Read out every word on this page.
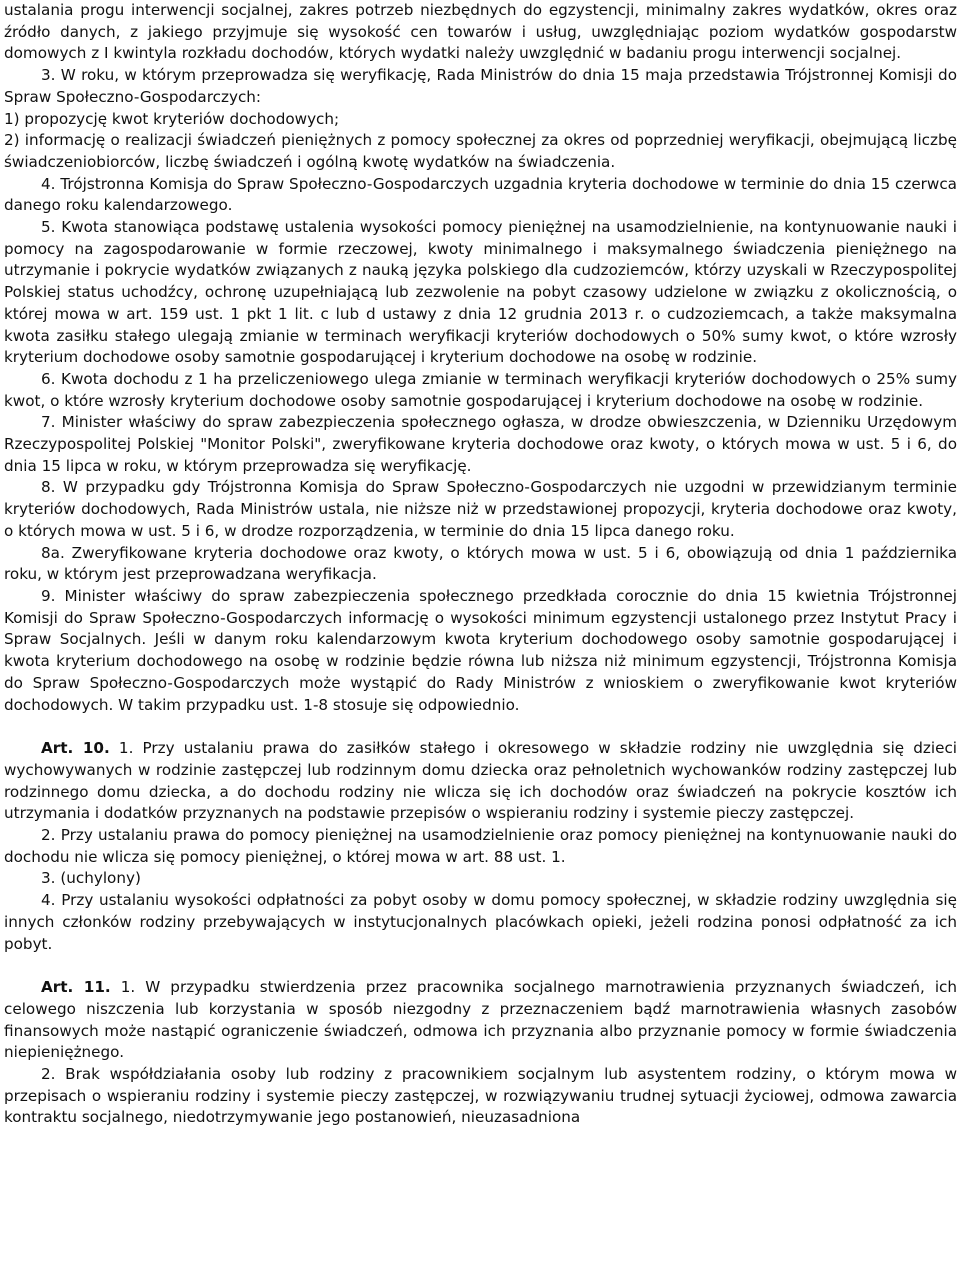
ustalania progu interwencji socjalnej, zakres potrzeb niezbędnych do egzystencji, minimalny zakres wydatków, okres oraz źródło danych, z jakiego przyjmuje się wysokość cen towarów i usług, uwzględniając poziom wydatków gospodarstw domowych z I kwintyla rozkładu dochodów, których wydatki należy uwzględnić w badaniu progu interwencji socjalnej.

3. W roku, w którym przeprowadza się weryfikację, Rada Ministrów do dnia 15 maja przedstawia Trójstronnej Komisji do Spraw Społeczno-Gospodarczych:

1) propozycję kwot kryteriów dochodowych;

2) informację o realizacji świadczeń pieniężnych z pomocy społecznej za okres od poprzedniej weryfikacji, obejmującą liczbę świadczeniobiorców, liczbę świadczeń i ogólną kwotę wydatków na świadczenia.

4. Trójstronna Komisja do Spraw Społeczno-Gospodarczych uzgadnia kryteria dochodowe w terminie do dnia 15 czerwca danego roku kalendarzowego.

5. Kwota stanowiąca podstawę ustalenia wysokości pomocy pieniężnej na usamodzielnienie, na kontynuowanie nauki i pomocy na zagospodarowanie w formie rzeczowej, kwoty minimalnego i maksymalnego świadczenia pieniężnego na utrzymanie i pokrycie wydatków związanych z nauką języka polskiego dla cudzoziemców, którzy uzyskali w Rzeczypospolitej Polskiej status uchodźcy, ochronę uzupełniającą lub zezwolenie na pobyt czasowy udzielone w związku z okolicznością, o której mowa w art. 159 ust. 1 pkt 1 lit. c lub d ustawy z dnia 12 grudnia 2013 r. o cudzoziemcach, a także maksymalna kwota zasiłku stałego ulegają zmianie w terminach weryfikacji kryteriów dochodowych o 50% sumy kwot, o które wzrosły kryterium dochodowe osoby samotnie gospodarującej i kryterium dochodowe na osobę w rodzinie.

6. Kwota dochodu z 1 ha przeliczeniowego ulega zmianie w terminach weryfikacji kryteriów dochodowych o 25% sumy kwot, o które wzrosły kryterium dochodowe osoby samotnie gospodarującej i kryterium dochodowe na osobę w rodzinie.

7. Minister właściwy do spraw zabezpieczenia społecznego ogłasza, w drodze obwieszczenia, w Dzienniku Urzędowym Rzeczypospolitej Polskiej "Monitor Polski", zweryfikowane kryteria dochodowe oraz kwoty, o których mowa w ust. 5 i 6, do dnia 15 lipca w roku, w którym przeprowadza się weryfikację.

8. W przypadku gdy Trójstronna Komisja do Spraw Społeczno-Gospodarczych nie uzgodni w przewidzianym terminie kryteriów dochodowych, Rada Ministrów ustala, nie niższe niż w przedstawionej propozycji, kryteria dochodowe oraz kwoty, o których mowa w ust. 5 i 6, w drodze rozporządzenia, w terminie do dnia 15 lipca danego roku.

8a. Zweryfikowane kryteria dochodowe oraz kwoty, o których mowa w ust. 5 i 6, obowiązują od dnia 1 października roku, w którym jest przeprowadzana weryfikacja.

9. Minister właściwy do spraw zabezpieczenia społecznego przedkłada corocznie do dnia 15 kwietnia Trójstronnej Komisji do Spraw Społeczno-Gospodarczych informację o wysokości minimum egzystencji ustalonego przez Instytut Pracy i Spraw Socjalnych. Jeśli w danym roku kalendarzowym kwota kryterium dochodowego osoby samotnie gospodarującej i kwota kryterium dochodowego na osobę w rodzinie będzie równa lub niższa niż minimum egzystencji, Trójstronna Komisja do Spraw Społeczno-Gospodarczych może wystąpić do Rady Ministrów z wnioskiem o zweryfikowanie kwot kryteriów dochodowych. W takim przypadku ust. 1-8 stosuje się odpowiednio.

Art. 10. 1. Przy ustalaniu prawa do zasiłków stałego i okresowego w składzie rodziny nie uwzględnia się dzieci wychowywanych w rodzinie zastępczej lub rodzinnym domu dziecka oraz pełnoletnich wychowanków rodziny zastępczej lub rodzinnego domu dziecka, a do dochodu rodziny nie wlicza się ich dochodów oraz świadczeń na pokrycie kosztów ich utrzymania i dodatków przyznanych na podstawie przepisów o wspieraniu rodziny i systemie pieczy zastępczej.

2. Przy ustalaniu prawa do pomocy pieniężnej na usamodzielnienie oraz pomocy pieniężnej na kontynuowanie nauki do dochodu nie wlicza się pomocy pieniężnej, o której mowa w art. 88 ust. 1.

3. (uchylony)

4. Przy ustalaniu wysokości odpłatności za pobyt osoby w domu pomocy społecznej, w składzie rodziny uwzględnia się innych członków rodziny przebywających w instytucjonalnych placówkach opieki, jeżeli rodzina ponosi odpłatność za ich pobyt.

Art. 11. 1. W przypadku stwierdzenia przez pracownika socjalnego marnotrawienia przyznanych świadczeń, ich celowego niszczenia lub korzystania w sposób niezgodny z przeznaczeniem bądź marnotrawienia własnych zasobów finansowych może nastąpić ograniczenie świadczeń, odmowa ich przyznania albo przyznanie pomocy w formie świadczenia niepieniężnego.

2. Brak współdziałania osoby lub rodziny z pracownikiem socjalnym lub asystentem rodziny, o którym mowa w przepisach o wspieraniu rodziny i systemie pieczy zastępczej, w rozwiązywaniu trudnej sytuacji życiowej, odmowa zawarcia kontraktu socjalnego, niedotrzymywanie jego postanowień, nieuzasadniona
